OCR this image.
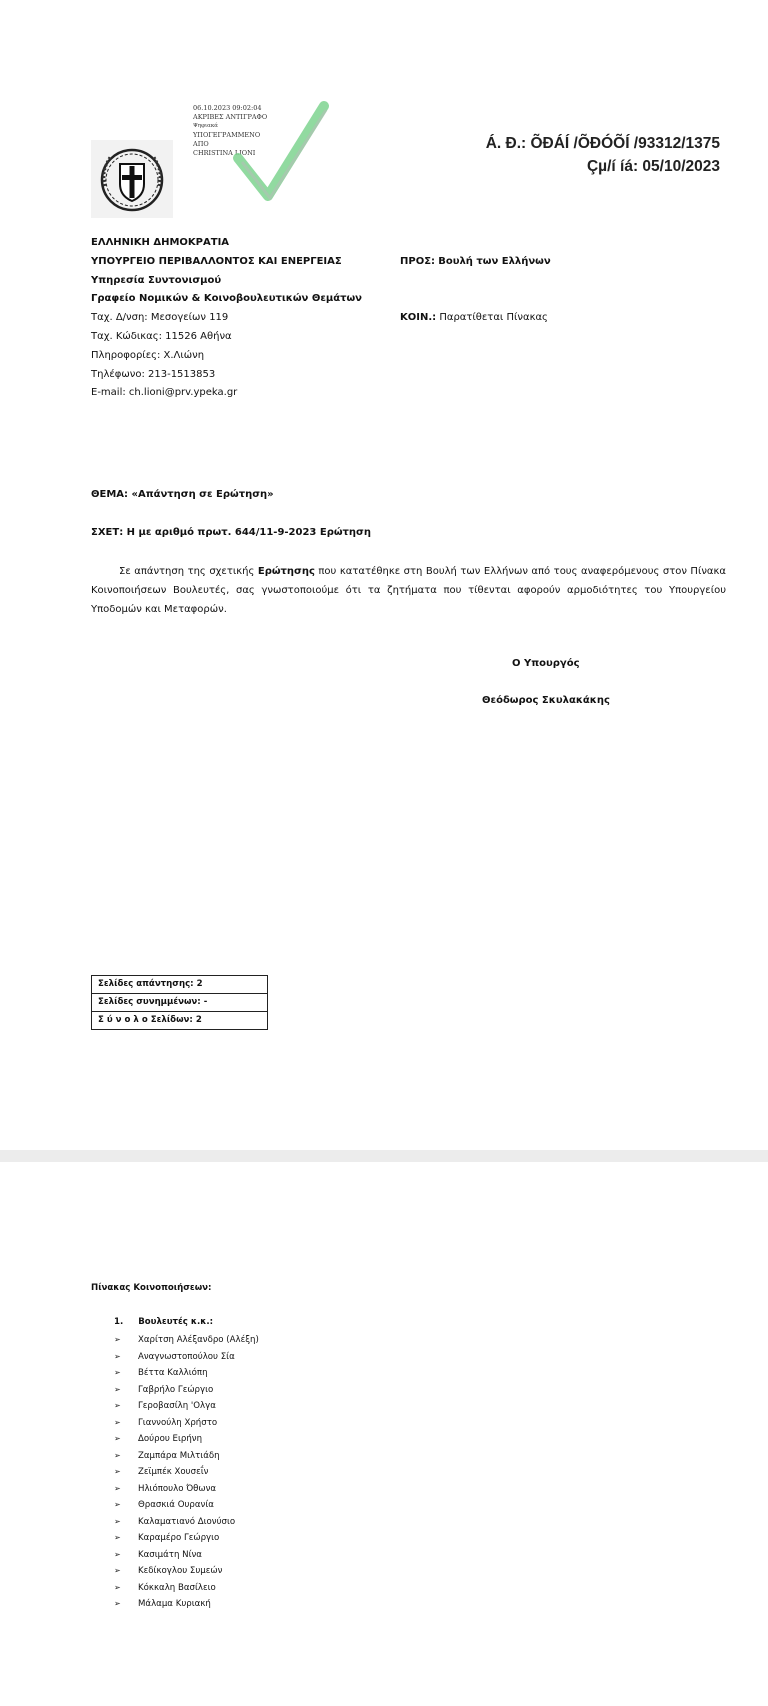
06.10.2023 09:02:04
ΑΚΡΙΒΕΣ ΑΝΤΙΓΡΑΦΟ
Ψηφιακά
ΥΠΟΓΕΓΡΑΜΜΕΝΟ
ΑΠΟ
CHRISTINA LIONI
Á. Đ.: ÕĐÁÍ /ÕĐÓÕÍ /93312/1375
Çµ/í íá: 05/10/2023
ΕΛΛΗΝΙΚΗ ΔΗΜΟΚΡΑΤΙΑ
ΥΠΟΥΡΓΕΙΟ ΠΕΡΙΒΑΛΛΟΝΤΟΣ ΚΑΙ ΕΝΕΡΓΕΙΑΣ
Υπηρεσία Συντονισμού
Γραφείο Νομικών & Κοινοβουλευτικών Θεμάτων
Ταχ. Δ/νση: Μεσογείων 119
Ταχ. Κώδικας: 11526 Αθήνα
Πληροφορίες: Χ.Λιώνη
Τηλέφωνο: 213-1513853
E-mail: ch.lioni@prv.ypeka.gr
ΠΡΟΣ: Βουλή των Ελλήνων
ΚΟΙΝ.: Παρατίθεται Πίνακας
ΘΕΜΑ: «Απάντηση σε Ερώτηση»
ΣΧΕΤ: Η με αριθμό πρωτ. 644/11-9-2023 Ερώτηση
Σε απάντηση της σχετικής Ερώτησης που κατατέθηκε στη Βουλή των Ελλήνων από τους αναφερόμενους στον Πίνακα Κοινοποιήσεων Βουλευτές, σας γνωστοποιούμε ότι τα ζητήματα που τίθενται αφορούν αρμοδιότητες του Υπουργείου Υποδομών και Μεταφορών.
Ο Υπουργός
Θεόδωρος Σκυλακάκης
Σελίδες απάντησης: 2
Σελίδες συνημμένων: -
Σ ύ ν ο λ ο Σελίδων: 2
Πίνακας Κοινοποιήσεων:
1. Βουλευτές κ.κ.:
➢	Χαρίτση Αλέξανδρο (Αλέξη)
➢	Αναγνωστοπούλου Σία
➢	Βέττα Καλλιόπη
➢	Γαβρήλο Γεώργιο
➢	Γεροβασίλη 'Ολγα
➢	Γιαννούλη Χρήστο
➢	Δούρου Ειρήνη
➢	Ζαμπάρα Μιλτιάδη
➢	Ζεϊμπέκ Χουσεΐν
➢	Ηλιόπουλο Όθωνα
➢	Θρασκιά Ουρανία
➢	Καλαματιανό Διονύσιο
➢	Καραμέρο Γεώργιο
➢	Κασιμάτη Νίνα
➢	Κεδίκογλου Συμεών
➢	Κόκκαλη Βασίλειο
➢	Μάλαμα Κυριακή
